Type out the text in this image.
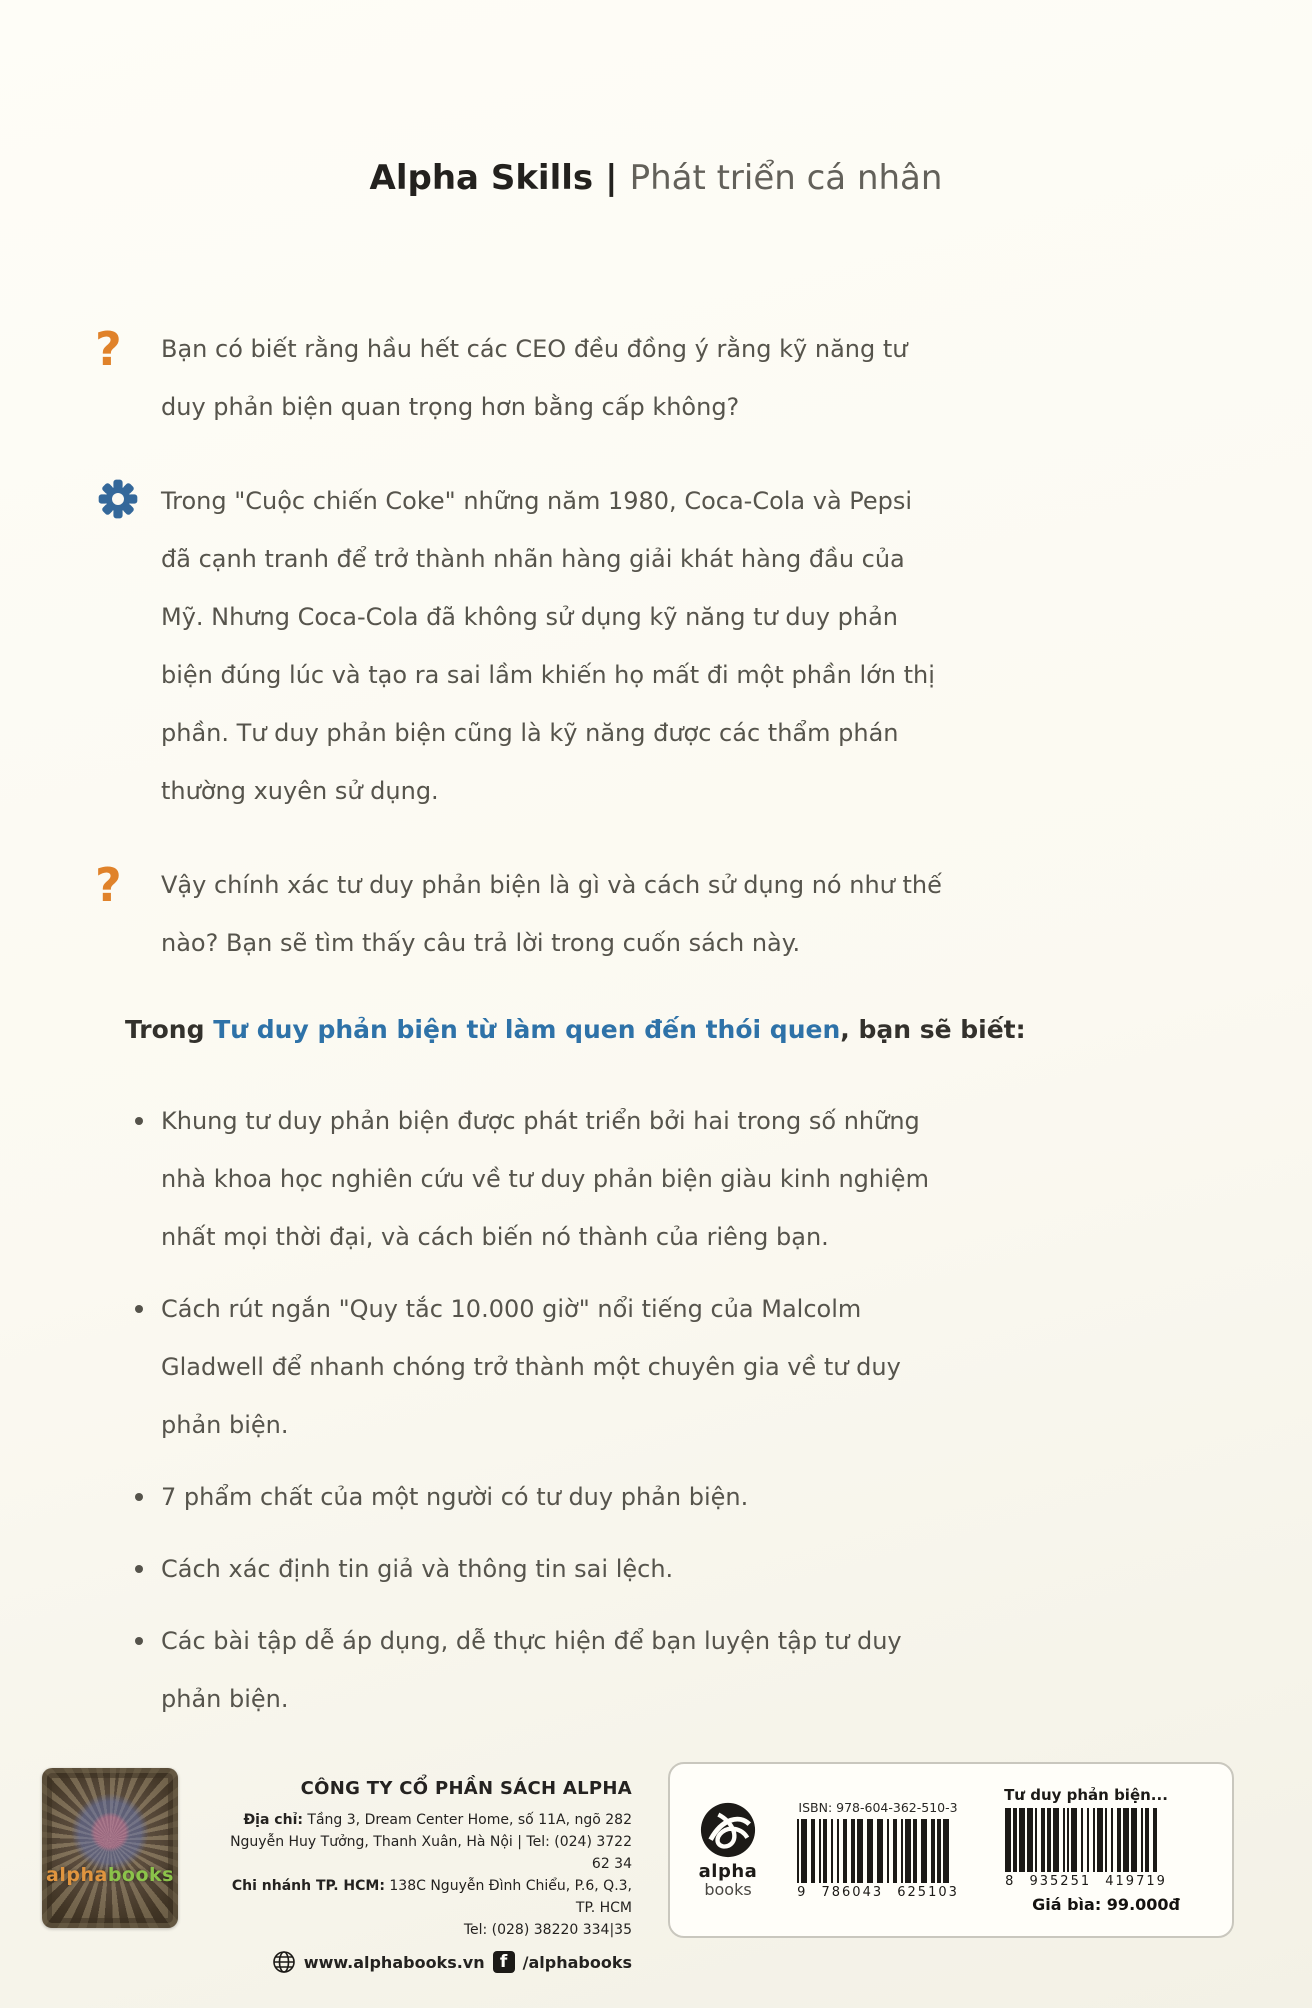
Alpha Skills | Phát triển cá nhân
? Bạn có biết rằng hầu hết các CEO đều đồng ý rằng kỹ năng tư
duy phản biện quan trọng hơn bằng cấp không?
Trong "Cuộc chiến Coke" những năm 1980, Coca-Cola và Pepsi
đã cạnh tranh để trở thành nhãn hàng giải khát hàng đầu của
Mỹ. Nhưng Coca-Cola đã không sử dụng kỹ năng tư duy phản
biện đúng lúc và tạo ra sai lầm khiến họ mất đi một phần lớn thị
phần. Tư duy phản biện cũng là kỹ năng được các thẩm phán
thường xuyên sử dụng.
? Vậy chính xác tư duy phản biện là gì và cách sử dụng nó như thế
nào? Bạn sẽ tìm thấy câu trả lời trong cuốn sách này.
Trong Tư duy phản biện từ làm quen đến thói quen, bạn sẽ biết:
Khung tư duy phản biện được phát triển bởi hai trong số những
nhà khoa học nghiên cứu về tư duy phản biện giàu kinh nghiệm
nhất mọi thời đại, và cách biến nó thành của riêng bạn.
Cách rút ngắn "Quy tắc 10.000 giờ" nổi tiếng của Malcolm
Gladwell để nhanh chóng trở thành một chuyên gia về tư duy
phản biện.
7 phẩm chất của một người có tư duy phản biện.
Cách xác định tin giả và thông tin sai lệch.
Các bài tập dễ áp dụng, dễ thực hiện để bạn luyện tập tư duy
phản biện.
alphabooks
CÔNG TY CỔ PHẦN SÁCH ALPHA
Địa chỉ: Tầng 3, Dream Center Home, số 11A, ngõ 282
Nguyễn Huy Tưởng, Thanh Xuân, Hà Nội | Tel: (024) 3722 62 34
Chi nhánh TP. HCM: 138C Nguyễn Đình Chiểu, P.6, Q.3, TP. HCM
Tel: (028) 38220 334|35
www.alphabooks.vn f /alphabooks
alpha
books
ISBN: 978-604-362-510-3
9 786043 625103
Tư duy phản biện...
8 935251 419719
Giá bìa: 99.000đ
